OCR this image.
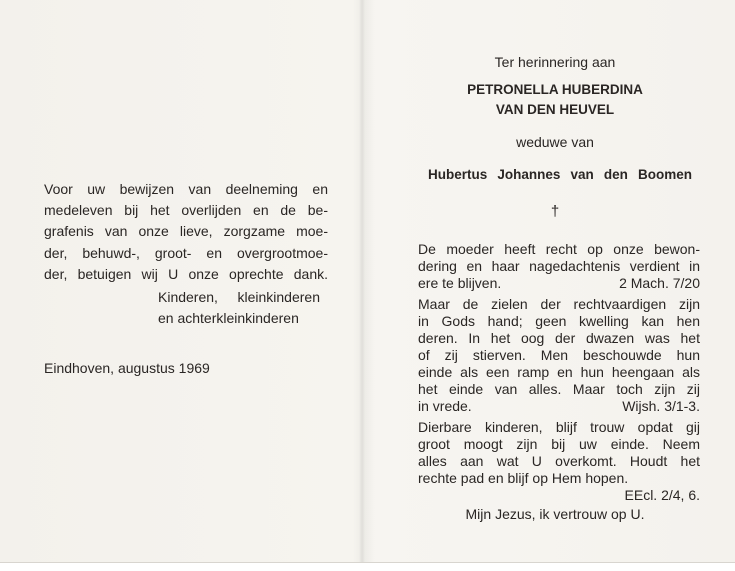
Voor uw bewijzen van deelneming en
medeleven bij het overlijden en de be-
grafenis van onze lieve, zorgzame moe-
der, behuwd-, groot- en overgrootmoe-
der, betuigen wij U onze oprechte dank.
Kinderen, kleinkinderen
en achterkleinkinderen
Eindhoven, augustus 1969
Ter herinnering aan
PETRONELLA HUBERDINA
VAN DEN HEUVEL
weduwe van
Hubertus Johannes van den Boomen
†
De moeder heeft recht op onze bewon-
dering en haar nagedachtenis verdient in
ere te blijven.	2 Mach. 7/20
Maar de zielen der rechtvaardigen zijn
in Gods hand; geen kwelling kan hen
deren. In het oog der dwazen was het
of zij stierven. Men beschouwde hun
einde als een ramp en hun heengaan als
het einde van alles. Maar toch zijn zij
in vrede.	Wijsh. 3/1-3.
Dierbare kinderen, blijf trouw opdat gij
groot moogt zijn bij uw einde. Neem
alles aan wat U overkomt. Houdt het
rechte pad en blijf op Hem hopen.
EEcl. 2/4, 6.
Mijn Jezus, ik vertrouw op U.
